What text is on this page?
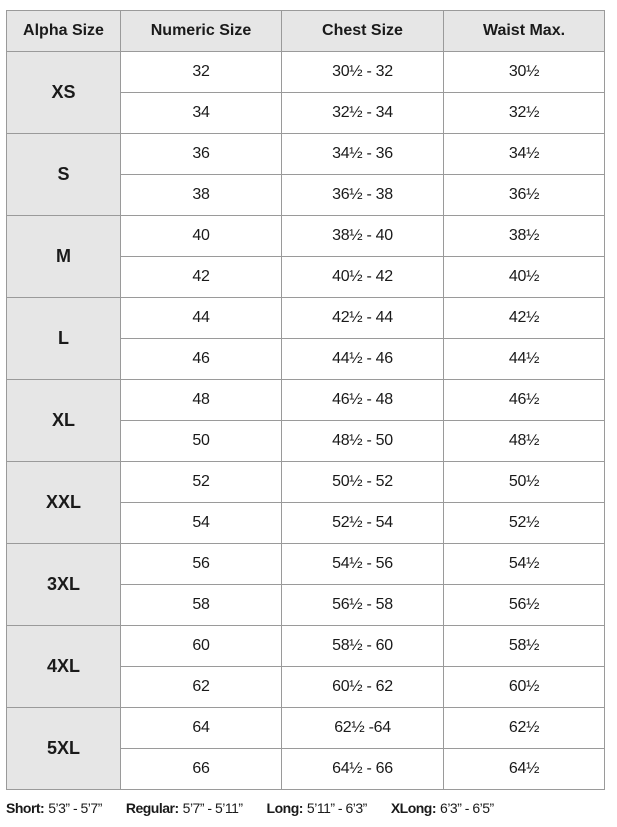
Alpha Size	Numeric Size	Chest Size	Waist Max.
XS	32	30½ - 32	30½
	34	32½ - 34	32½
S	36	34½ - 36	34½
	38	36½ - 38	36½
M	40	38½ - 40	38½
	42	40½ - 42	40½
L	44	42½ - 44	42½
	46	44½ - 46	44½
XL	48	46½ - 48	46½
	50	48½ - 50	48½
XXL	52	50½ - 52	50½
	54	52½ - 54	52½
3XL	56	54½ - 56	54½
	58	56½ - 58	56½
4XL	60	58½ - 60	58½
	62	60½ - 62	60½
5XL	64	62½ -64	62½
	66	64½ - 66	64½
Short: 5’3” - 5’7” Regular: 5’7” - 5’11” Long: 5’11” - 6’3” XLong: 6’3” - 6’5”
